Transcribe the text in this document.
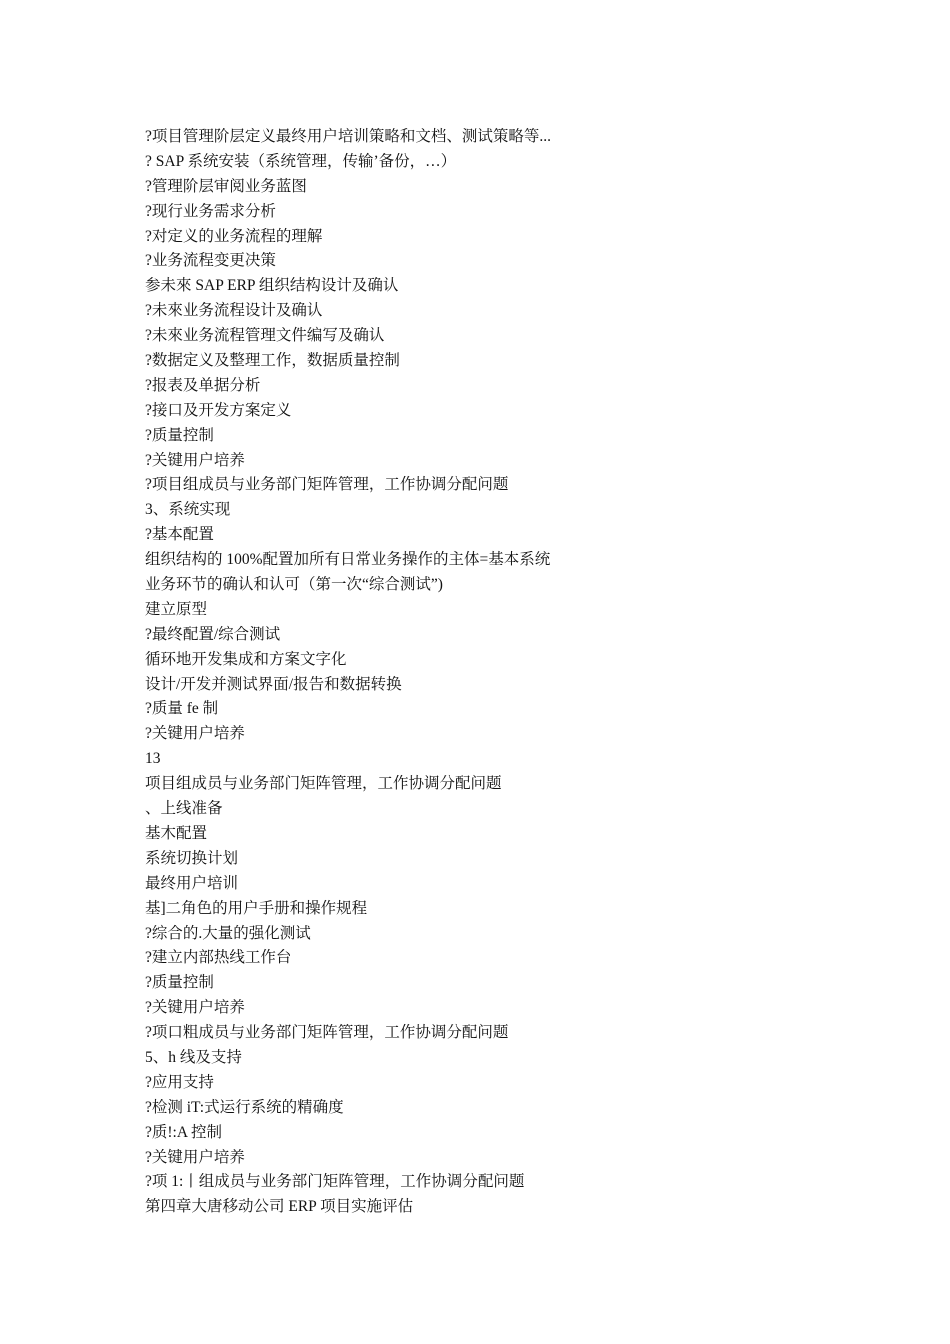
?项目管理阶层定义最终用户培训策略和文档、测试策略等...
? SAP 系统安装（系统管理，传输’备份，…）
?管理阶层审阅业务蓝图
?现行业务需求分析
?对定义的业务流程的理解
?业务流程变更决策
参未來 SAP ERP 组织结构设计及确认
?未來业务流程设计及确认
?未來业务流程管理文件编写及确认
?数据定义及整理工作，数据质量控制
?报表及单据分析
?接口及开发方案定义
?质量控制
?关键用户培养
?项目组成员与业务部门矩阵管理，工作协调分配问题
3、系统实现
?基本配置
组织结构的 100%配置加所有日常业务操作的主体=基本系统
业务环节的确认和认可（第一次“综合测试”)
建立原型
?最终配置/综合测试
循环地开发集成和方案文字化
设计/开发并测试界面/报告和数据转换
?质量 fe 制
?关键用户培养
13
项目组成员与业务部门矩阵管理，工作协调分配问题
、上线准备
基木配置
系统切换计划
最终用户培训
基]二角色的用户手册和操作规程
?综合的.大量的强化测试
?建立内部热线工作台
?质量控制
?关键用户培养
?项口粗成员与业务部门矩阵管理，工作协调分配问题
5、h 线及支持
?应用支持
?检测 iT:式运行系统的精确度
?质!:A 控制
?关键用户培养
?项 1:丨组成员与业务部门矩阵管理，工作协调分配问题
第四章大唐移动公司 ERP 项目实施评估
